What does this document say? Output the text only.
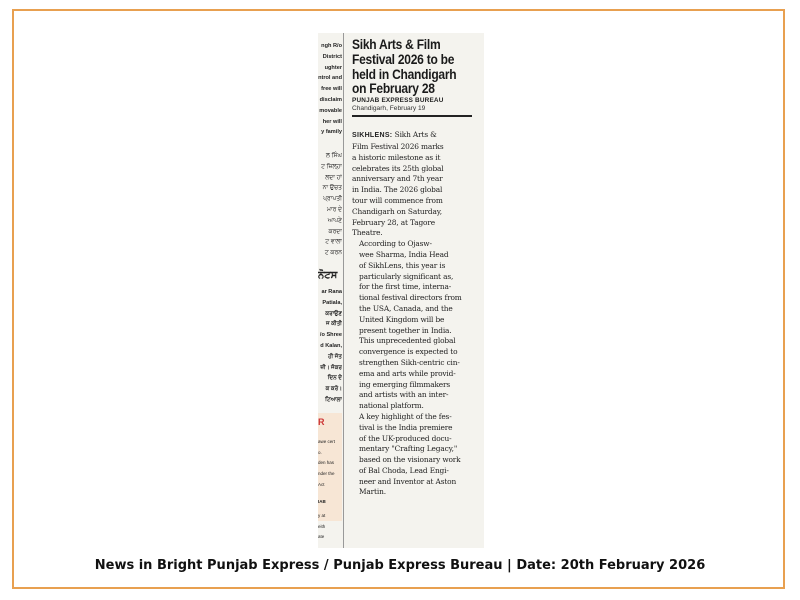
ngh R/o
District
ughter
ntrol and
free will
disclaim
movable
her will
y family
ਲ ਸਿੰਘ
ਟ ਜ਼ਿਲ੍ਹਾ
ਲਦਾ ਹਾਂ
ਨਾ ਉਚਤ
ਪ੍ਰਾਪਤੀ
ਮਾਰ ਦੇ
ਆਪਣੇ
ਕਰਦਾ
ਟ ਵਾਲਾ
ਟ ਕਰਨ
ਨੋਟਸ
ar Rana
Patiala,
ਕਰਾਉਣ
ਜ ਕੀਤੀ
/o Shree
d Kalan,
ਹੀ ਜੋਤ
ਜ਼ੀ। ਜੋਕਰ
ਦਿਨ ਦੇ
ਕ ਕਰੋ।
ਟਿਆਲਾ
R
awe cert
o.
den has
nder the
Act
IAB
y at
eith
ate
Sikh Arts & Film
Festival 2026 to be
held in Chandigarh
on February 28
PUNJAB EXPRESS BUREAU
Chandigarh, February 19

SIKHLENS: Sikh Arts &
Film Festival 2026 marks
a historic milestone as it
celebrates its 25th global
anniversary and 7th year
in India. The 2026 global
tour will commence from
Chandigarh on Saturday,
February 28, at Tagore
Theatre.

According to Ojasw-
wee Sharma, India Head
of SikhLens, this year is
particularly significant as,
for the first time, interna-
tional festival directors from
the USA, Canada, and the
United Kingdom will be
present together in India.
This unprecedented global
convergence is expected to
strengthen Sikh-centric cin-
ema and arts while provid-
ing emerging filmmakers
and artists with an inter-
national platform.

A key highlight of the fes-
tival is the India premiere
of the UK-produced docu-
mentary "Crafting Legacy,"
based on the visionary work
of Bal Choda, Lead Engi-
neer and Inventor at Aston
Martin.

News in Bright Punjab Express / Punjab Express Bureau | Date: 20th February 2026
